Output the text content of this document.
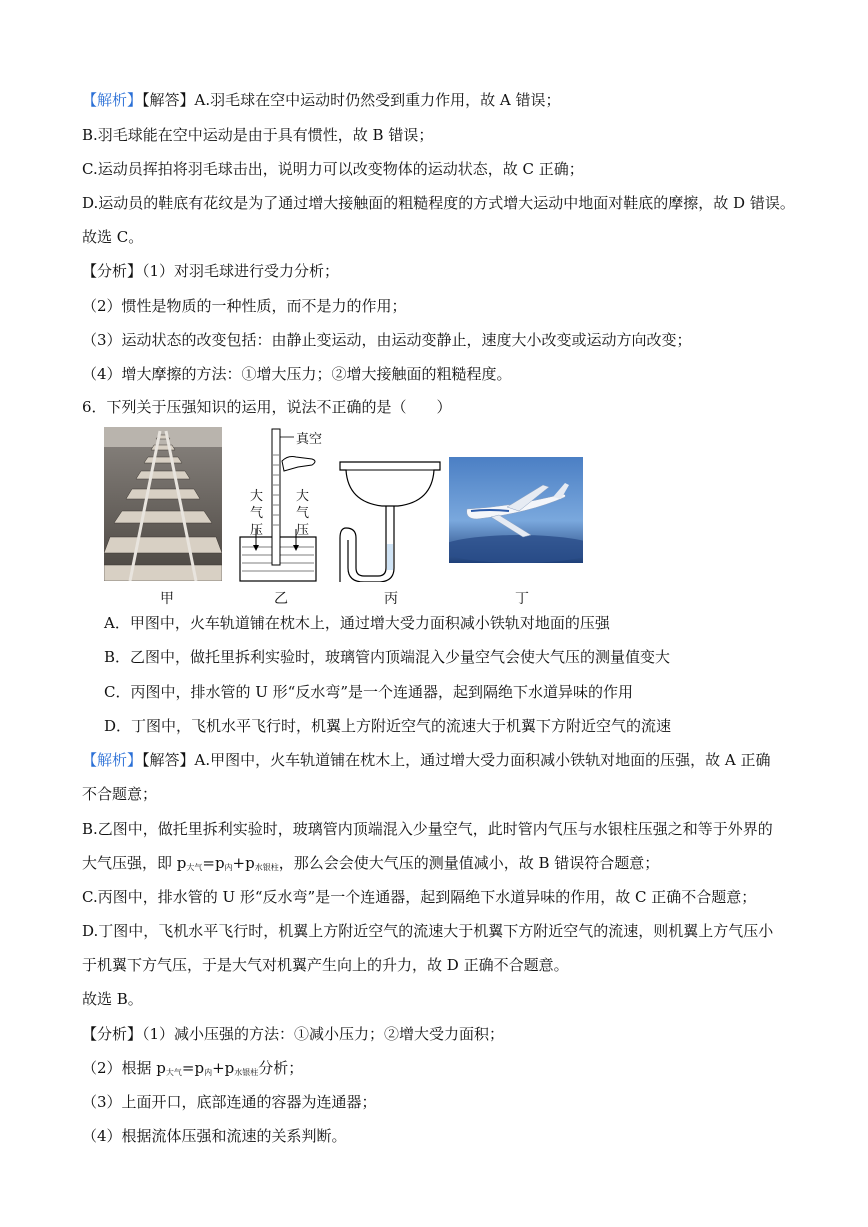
【解析】【解答】A.羽毛球在空中运动时仍然受到重力作用，故 A 错误；
B.羽毛球能在空中运动是由于具有惯性，故 B 错误；
C.运动员挥拍将羽毛球击出，说明力可以改变物体的运动状态，故 C 正确；
D.运动员的鞋底有花纹是为了通过增大接触面的粗糙程度的方式增大运动中地面对鞋底的摩擦，故 D 错误。
故选 C。
【分析】（1）对羽毛球进行受力分析；
（2）惯性是物质的一种性质，而不是力的作用；
（3）运动状态的改变包括：由静止变运动，由运动变静止，速度大小改变或运动方向改变；
（4）增大摩擦的方法：①增大压力；②增大接触面的粗糙程度。
6．下列关于压强知识的运用，说法不正确的是（　　）
真空
大气压
大气压
甲	乙	丙	丁
A．甲图中，火车轨道铺在枕木上，通过增大受力面积减小铁轨对地面的压强
B．乙图中，做托里拆利实验时，玻璃管内顶端混入少量空气会使大气压的测量值变大
C．丙图中，排水管的 U 形“反水弯”是一个连通器，起到隔绝下水道异味的作用
D．丁图中，飞机水平飞行时，机翼上方附近空气的流速大于机翼下方附近空气的流速
【解析】【解答】A.甲图中，火车轨道铺在枕木上，通过增大受力面积减小铁轨对地面的压强，故 A 正确
不合题意；
B.乙图中，做托里拆利实验时，玻璃管内顶端混入少量空气，此时管内气压与水银柱压强之和等于外界的
大气压强，即 $p_{大气}=p_内+p_{水银柱}$，那么会会使大气压的测量值减小，故 B 错误符合题意；
C.丙图中，排水管的 U 形“反水弯”是一个连通器，起到隔绝下水道异味的作用，故 C 正确不合题意；
D.丁图中，飞机水平飞行时，机翼上方附近空气的流速大于机翼下方附近空气的流速，则机翼上方气压小
于机翼下方气压，于是大气对机翼产生向上的升力，故 D 正确不合题意。
故选 B。
【分析】（1）减小压强的方法：①减小压力；②增大受力面积；
（2）根据 $p_{大气}=p_内+p_{水银柱}$分析；
（3）上面开口，底部连通的容器为连通器；
（4）根据流体压强和流速的关系判断。
